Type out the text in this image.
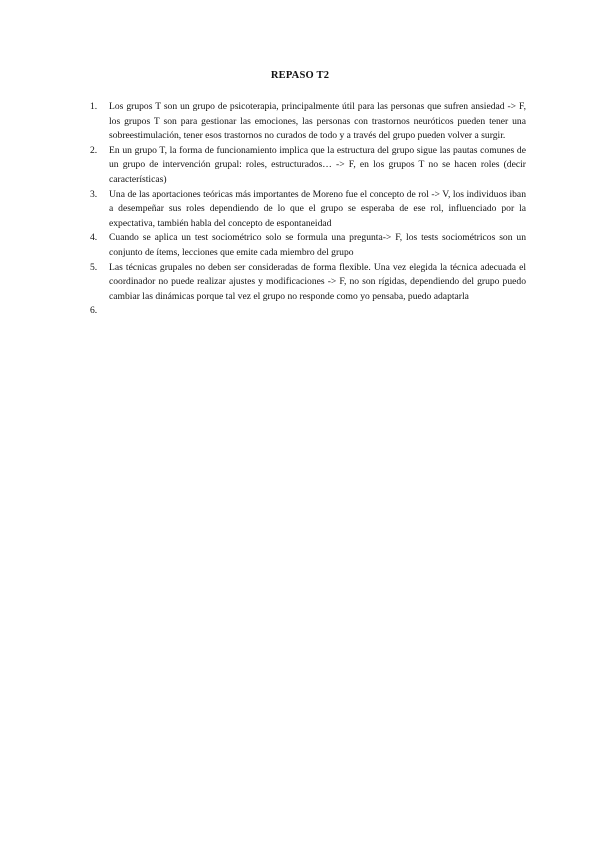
REPASO T2
1.	Los grupos T son un grupo de psicoterapia, principalmente útil para las personas que sufren ansiedad -> F, los grupos T son para gestionar las emociones, las personas con trastornos neuróticos pueden tener una sobreestimulación, tener esos trastornos no curados de todo y a través del grupo pueden volver a surgir.
2.	En un grupo T, la forma de funcionamiento implica que la estructura del grupo sigue las pautas comunes de un grupo de intervención grupal: roles, estructurados… -> F, en los grupos T no se hacen roles (decir características)
3.	Una de las aportaciones teóricas más importantes de Moreno fue el concepto de rol -> V, los individuos iban a desempeñar sus roles dependiendo de lo que el grupo se esperaba de ese rol, influenciado por la expectativa, también habla del concepto de espontaneidad
4.	Cuando se aplica un test sociométrico solo se formula una pregunta-> F, los tests sociométricos son un conjunto de ítems, lecciones que emite cada miembro del grupo
5.	Las técnicas grupales no deben ser consideradas de forma flexible. Una vez elegida la técnica adecuada el coordinador no puede realizar ajustes y modificaciones -> F, no son rígidas, dependiendo del grupo puedo cambiar las dinámicas porque tal vez el grupo no responde como yo pensaba, puedo adaptarla
6.
